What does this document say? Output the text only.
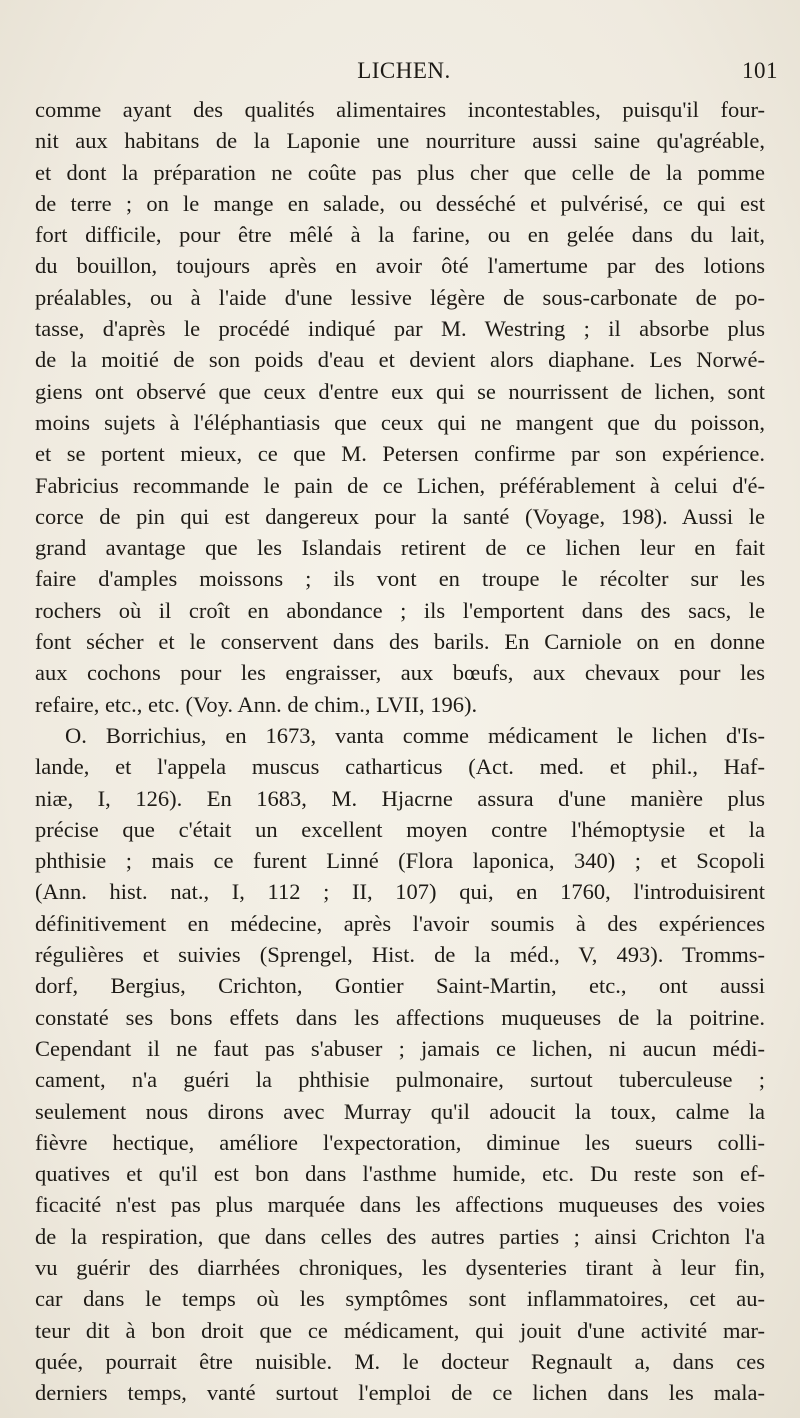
LICHEN.	101
comme ayant des qualités alimentaires incontestables, puisqu'il four-
nit aux habitans de la Laponie une nourriture aussi saine qu'agréable,
et dont la préparation ne coûte pas plus cher que celle de la pomme
de terre ; on le mange en salade, ou desséché et pulvérisé, ce qui est
fort difficile, pour être mêlé à la farine, ou en gelée dans du lait,
du bouillon, toujours après en avoir ôté l'amertume par des lotions
préalables, ou à l'aide d'une lessive légère de sous-carbonate de po-
tasse, d'après le procédé indiqué par M. Westring ; il absorbe plus
de la moitié de son poids d'eau et devient alors diaphane. Les Norwé-
giens ont observé que ceux d'entre eux qui se nourrissent de lichen, sont
moins sujets à l'éléphantiasis que ceux qui ne mangent que du poisson,
et se portent mieux, ce que M. Petersen confirme par son expérience.
Fabricius recommande le pain de ce Lichen, préférablement à celui d'é-
corce de pin qui est dangereux pour la santé (Voyage, 198). Aussi le
grand avantage que les Islandais retirent de ce lichen leur en fait
faire d'amples moissons ; ils vont en troupe le récolter sur les
rochers où il croît en abondance ; ils l'emportent dans des sacs, le
font sécher et le conservent dans des barils. En Carniole on en donne
aux cochons pour les engraisser, aux bœufs, aux chevaux pour les
refaire, etc., etc. (Voy. Ann. de chim., LVII, 196).
O. Borrichius, en 1673, vanta comme médicament le lichen d'Is-
lande, et l'appela muscus catharticus (Act. med. et phil., Haf-
niæ, I, 126). En 1683, M. Hjacrne assura d'une manière plus
précise que c'était un excellent moyen contre l'hémoptysie et la
phthisie ; mais ce furent Linné (Flora laponica, 340) ; et Scopoli
(Ann. hist. nat., I, 112 ; II, 107) qui, en 1760, l'introduisirent
définitivement en médecine, après l'avoir soumis à des expériences
régulières et suivies (Sprengel, Hist. de la méd., V, 493). Tromms-
dorf, Bergius, Crichton, Gontier Saint-Martin, etc., ont aussi
constaté ses bons effets dans les affections muqueuses de la poitrine.
Cependant il ne faut pas s'abuser ; jamais ce lichen, ni aucun médi-
cament, n'a guéri la phthisie pulmonaire, surtout tuberculeuse ;
seulement nous dirons avec Murray qu'il adoucit la toux, calme la
fièvre hectique, améliore l'expectoration, diminue les sueurs colli-
quatives et qu'il est bon dans l'asthme humide, etc. Du reste son ef-
ficacité n'est pas plus marquée dans les affections muqueuses des voies
de la respiration, que dans celles des autres parties ; ainsi Crichton l'a
vu guérir des diarrhées chroniques, les dysenteries tirant à leur fin,
car dans le temps où les symptômes sont inflammatoires, cet au-
teur dit à bon droit que ce médicament, qui jouit d'une activité mar-
quée, pourrait être nuisible. M. le docteur Regnault a, dans ces
derniers temps, vanté surtout l'emploi de ce lichen dans les mala-
